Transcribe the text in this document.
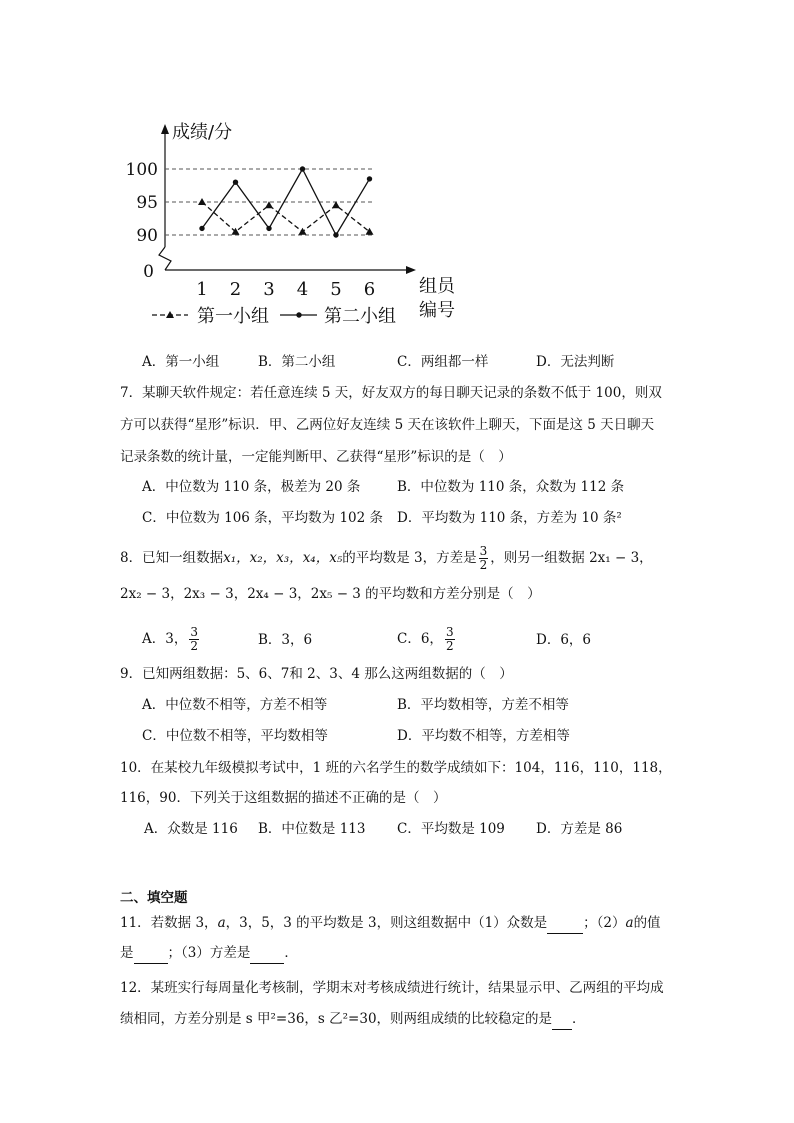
成绩/分
100
95
90
0
1 2 3 4 5 6 组员
编号
第一小组	第二小组
A．第一小组	B．第二小组	C．两组都一样	D．无法判断
7．某聊天软件规定：若任意连续 5 天，好友双方的每日聊天记录的条数不低于 100，则双
方可以获得“星形”标识．甲、乙两位好友连续 5 天在该软件上聊天，下面是这 5 天日聊天
记录条数的统计量，一定能判断甲、乙获得“星形”标识的是（　）
A．中位数为 110 条，极差为 20 条	B．中位数为 110 条，众数为 112 条
C．中位数为 106 条，平均数为 102 条 D．平均数为 110 条，方差为 10 条²
8．已知一组数据x₁，x₂，x₃，x₄，x₅的平均数是 3，方差是 $\frac{3}{2}$ ，则另一组数据 2x₁ − 3，
2x₂ − 3，2x₃ − 3，2x₄ − 3，2x₅ − 3 的平均数和方差分别是（　）
A．3， $\frac{3}{2}$	B．3，6	C．6， $\frac{3}{2}$	D．6，6
9．已知两组数据：5、6、7和 2、3、4 那么这两组数据的（　）
A．中位数不相等，方差不相等	B．平均数相等，方差不相等
C．中位数不相等，平均数相等	D．平均数不相等，方差相等
10．在某校九年级模拟考试中，1 班的六名学生的数学成绩如下：104，116，110，118，
116，90．下列关于这组数据的描述不正确的是（　）
A．众数是 116 B．中位数是 113 C．平均数是 109 D．方差是 86
二、填空题
11．若数据 3，a，3，5，3 的平均数是 3，则这组数据中（1）众数是	；（2）a的值
是	；（3）方差是	．
12．某班实行每周量化考核制，学期末对考核成绩进行统计，结果显示甲、乙两组的平均成
绩相同，方差分别是 s 甲²=36，s 乙²=30，则两组成绩的比较稳定的是 ．
